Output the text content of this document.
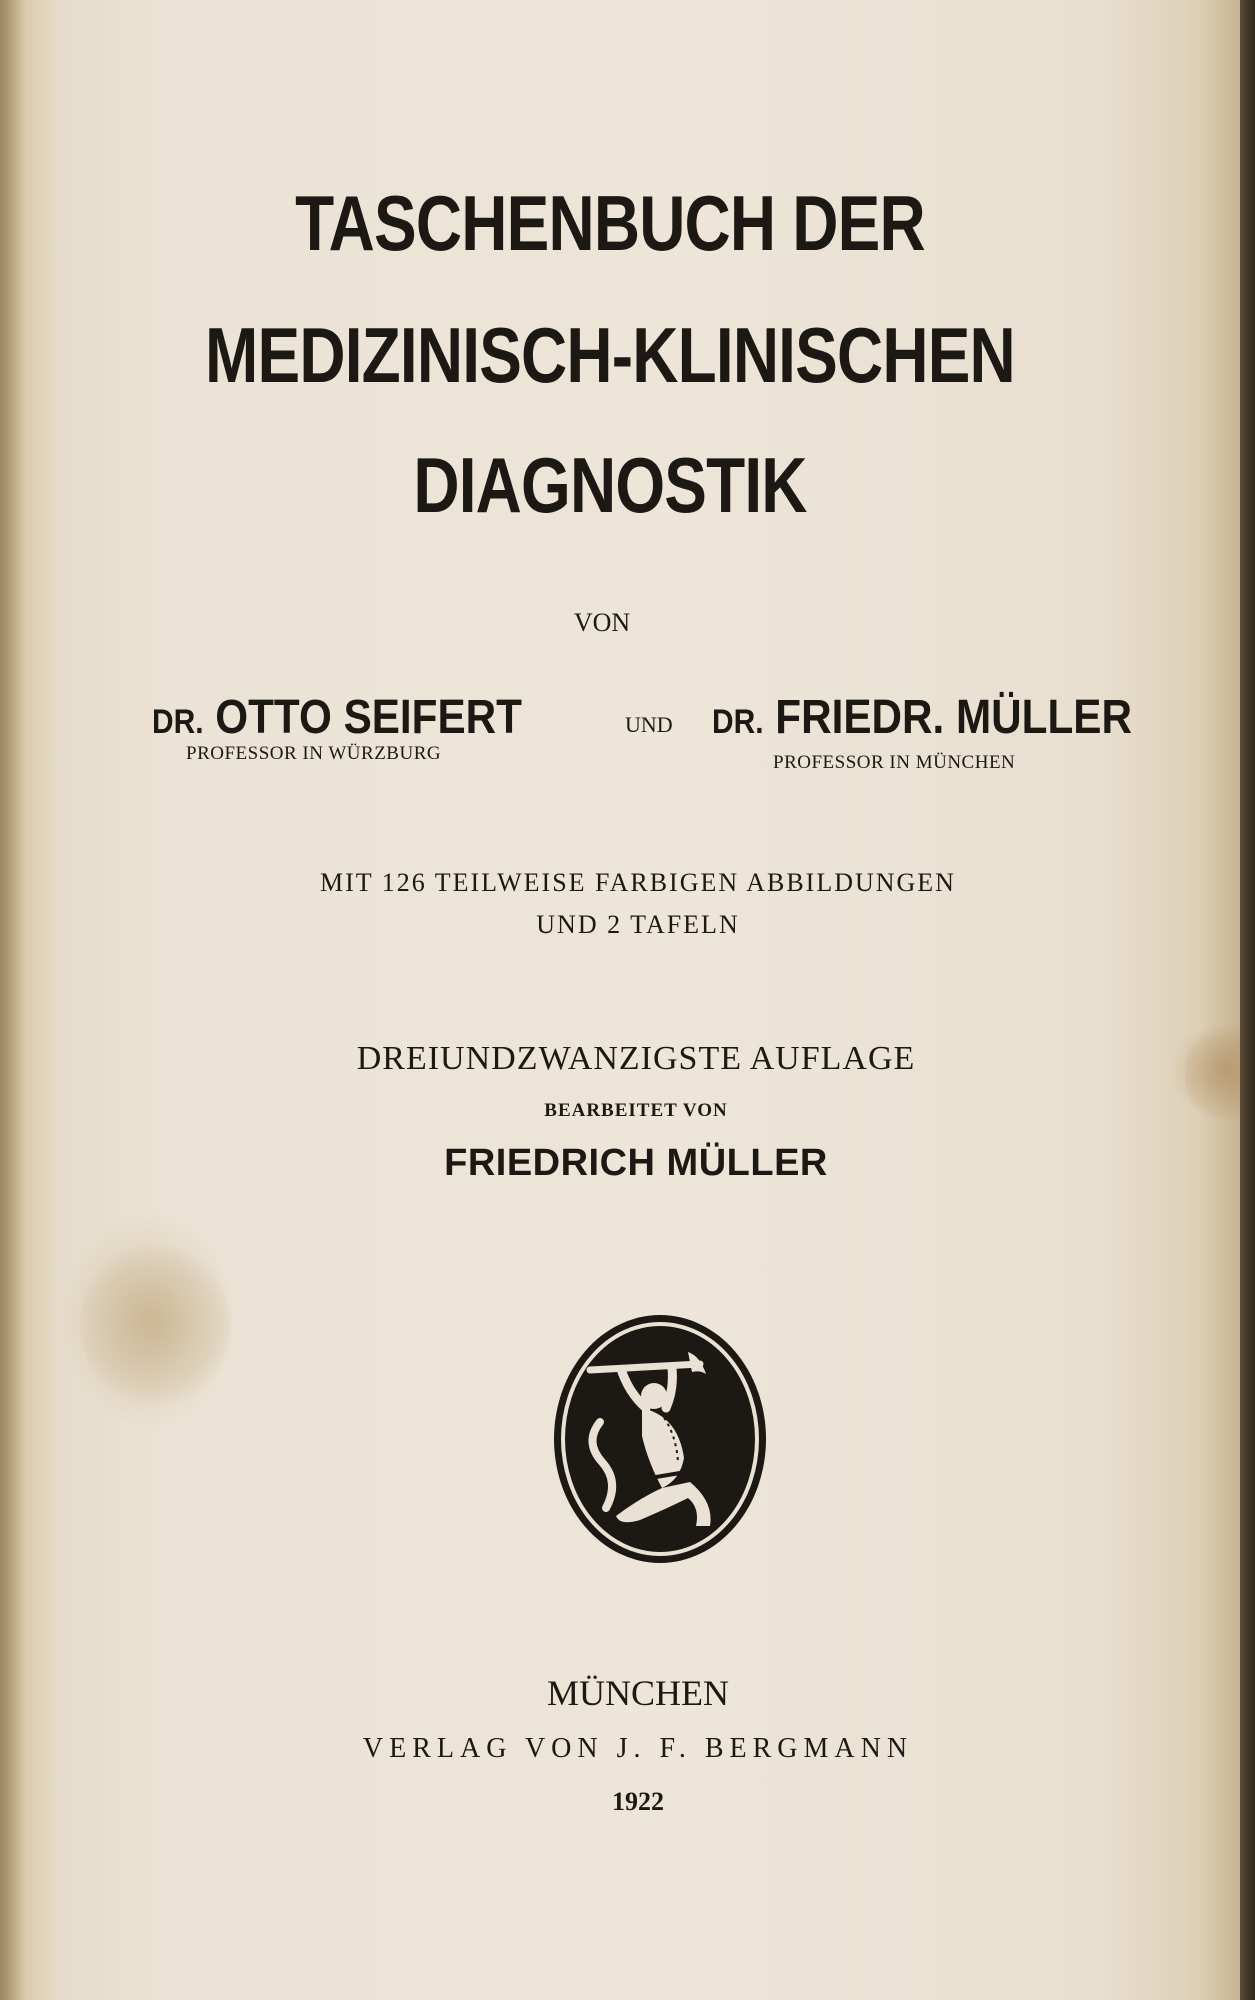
TASCHENBUCH DER
MEDIZINISCH-KLINISCHEN
DIAGNOSTIK
VON
DR. OTTO SEIFERT	UND DR. FRIEDR. MÜLLER
PROFESSOR IN WÜRZBURG	PROFESSOR IN MÜNCHEN
MIT 126 TEILWEISE FARBIGEN ABBILDUNGEN
UND 2 TAFELN
DREIUNDZWANZIGSTE AUFLAGE
BEARBEITET VON
FRIEDRICH MÜLLER
MÜNCHEN
VERLAG VON J. F. BERGMANN
1922
